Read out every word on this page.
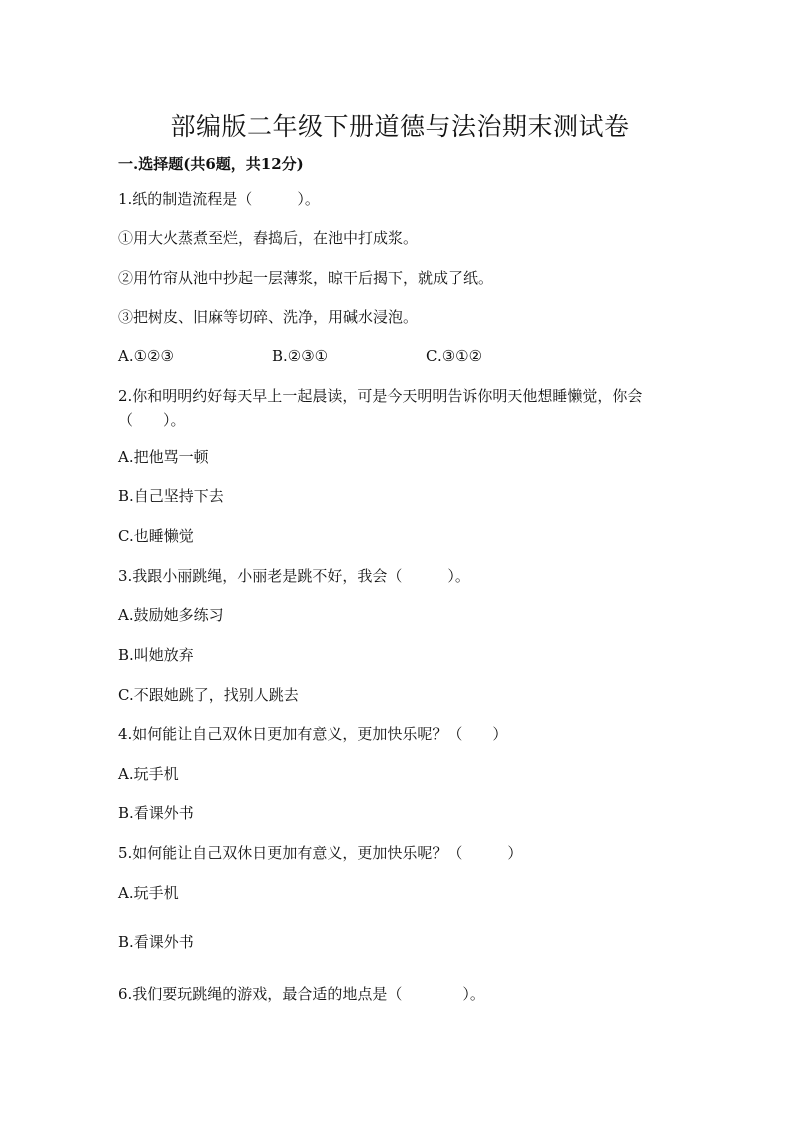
部编版二年级下册道德与法治期末测试卷
一.选择题(共6题，共12分)
1.纸的制造流程是（　　　）。
①用大火蒸煮至烂，舂捣后，在池中打成浆。
②用竹帘从池中抄起一层薄浆，晾干后揭下，就成了纸。
③把树皮、旧麻等切碎、洗净，用碱水浸泡。
A.①②③	B.②③①	C.③①②
2.你和明明约好每天早上一起晨读，可是今天明明告诉你明天他想睡懒觉，你会（　　）。
A.把他骂一顿
B.自己坚持下去
C.也睡懒觉
3.我跟小丽跳绳，小丽老是跳不好，我会（　　　）。
A.鼓励她多练习
B.叫她放弃
C.不跟她跳了，找别人跳去
4.如何能让自己双休日更加有意义，更加快乐呢？（　　）
A.玩手机
B.看课外书
5.如何能让自己双休日更加有意义，更加快乐呢？（　　　）
A.玩手机
B.看课外书
6.我们要玩跳绳的游戏，最合适的地点是（　　　　）。
